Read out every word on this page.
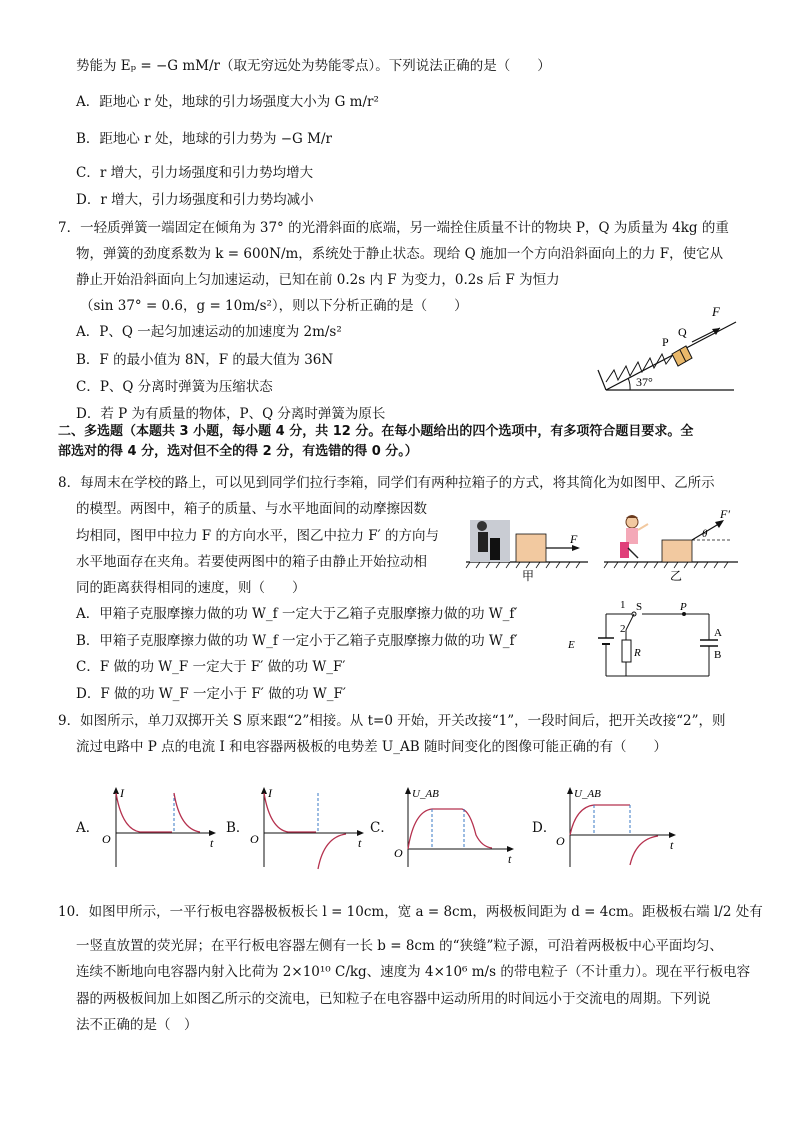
势能为 Eₚ = −G mM/r（取无穷远处为势能零点）。下列说法正确的是（　　）
A．距地心 r 处，地球的引力场强度大小为 G m/r²
B．距地心 r 处，地球的引力势为 −G M/r
C．r 增大，引力场强度和引力势均增大
D．r 增大，引力场强度和引力势均减小
7．一轻质弹簧一端固定在倾角为 37° 的光滑斜面的底端，另一端拴住质量不计的物块 P，Q 为质量为 4kg 的重
物，弹簧的劲度系数为 k = 600N/m，系统处于静止状态。现给 Q 施加一个方向沿斜面向上的力 F，使它从
静止开始沿斜面向上匀加速运动，已知在前 0.2s 内 F 为变力，0.2s 后 F 为恒力
（sin 37° = 0.6，g = 10m/s²），则以下分析正确的是（　　）
A．P、Q 一起匀加速运动的加速度为 2m/s²
B．F 的最小值为 8N，F 的最大值为 36N
C．P、Q 分离时弹簧为压缩状态
D．若 P 为有质量的物体，P、Q 分离时弹簧为原长
P
Q
F
37°
二、多选题（本题共 3 小题，每小题 4 分，共 12 分。在每小题给出的四个选项中，有多项符合题目要求。全
部选对的得 4 分，选对但不全的得 2 分，有选错的得 0 分。）
8．每周末在学校的路上，可以见到同学们拉行李箱，同学们有两种拉箱子的方式，将其简化为如图甲、乙所示
的模型。两图中，箱子的质量、与水平地面间的动摩擦因数
均相同，图甲中拉力 F 的方向水平，图乙中拉力 F′ 的方向与
水平地面存在夹角。若要使两图中的箱子由静止开始拉动相
同的距离获得相同的速度，则（　　）
A．甲箱子克服摩擦力做的功 W_f 一定大于乙箱子克服摩擦力做的功 W_f′
B．甲箱子克服摩擦力做的功 W_f 一定小于乙箱子克服摩擦力做的功 W_f′
C．F 做的功 W_F 一定大于 F′ 做的功 W_F′
D．F 做的功 W_F 一定小于 F′ 做的功 W_F′
F
甲
F′
θ
乙
1
2
S	P
E
R
A
B
9．如图所示，单刀双掷开关 S 原来跟“2”相接。从 t=0 开始，开关改接“1”，一段时间后，把开关改接“2”，则
流过电路中 P 点的电流 I 和电容器两极板的电势差 U_AB 随时间变化的图像可能正确的有（　　）
A．
I
O	t
B．
I
O	t
C．
U_AB
O	t
D．
U_AB
O	t
10．如图甲所示，一平行板电容器极板板长 l = 10cm，宽 a = 8cm，两极板间距为 d = 4cm。距极板右端 l/2 处有
一竖直放置的荧光屏；在平行板电容器左侧有一长 b = 8cm 的“狭缝”粒子源，可沿着两极板中心平面均匀、
连续不断地向电容器内射入比荷为 2×10¹⁰ C/kg、速度为 4×10⁶ m/s 的带电粒子（不计重力）。现在平行板电容
器的两极板间加上如图乙所示的交流电，已知粒子在电容器中运动所用的时间远小于交流电的周期。下列说
法不正确的是（　）
